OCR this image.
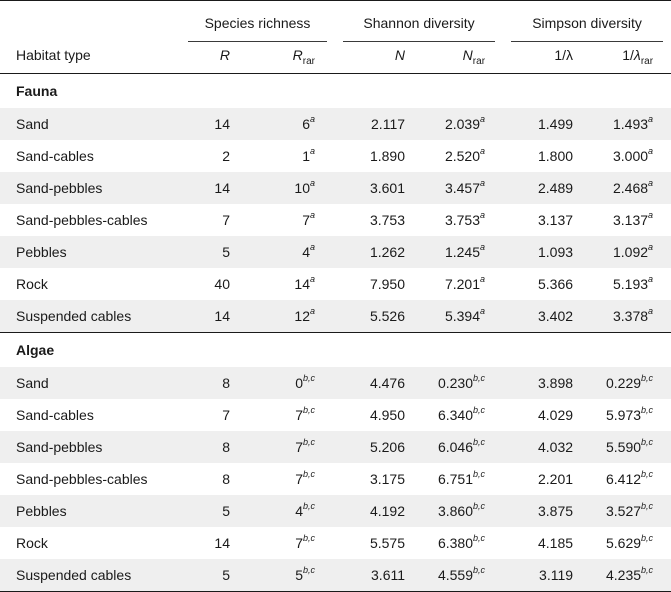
	Species richness		Shannon diversity		Simpson diversity	

Habitat type	R	$R_{rar}$	N	$N_{rar}$	1/λ	$1/\lambda_{rar}$
Fauna						
Sand	14	6$^a$	2.117	2.039$^a$	1.499	1.493$^a$
Sand-cables	2	1$^a$	1.890	2.520$^a$	1.800	3.000$^a$
Sand-pebbles	14	10$^a$	3.601	3.457$^a$	2.489	2.468$^a$
Sand-pebbles-cables	7	7$^a$	3.753	3.753$^a$	3.137	3.137$^a$
Pebbles	5	4$^a$	1.262	1.245$^a$	1.093	1.092$^a$
Rock	40	14$^a$	7.950	7.201$^a$	5.366	5.193$^a$
Suspended cables	14	12$^a$	5.526	5.394$^a$	3.402	3.378$^a$
Algae						
Sand	8	0$^{b,c}$	4.476	0.230$^{b,c}$	3.898	0.229$^{b,c}$
Sand-cables	7	7$^{b,c}$	4.950	6.340$^{b,c}$	4.029	5.973$^{b,c}$
Sand-pebbles	8	7$^{b,c}$	5.206	6.046$^{b,c}$	4.032	5.590$^{b,c}$
Sand-pebbles-cables	8	7$^{b,c}$	3.175	6.751$^{b,c}$	2.201	6.412$^{b,c}$
Pebbles	5	4$^{b,c}$	4.192	3.860$^{b,c}$	3.875	3.527$^{b,c}$
Rock	14	7$^{b,c}$	5.575	6.380$^{b,c}$	4.185	5.629$^{b,c}$
Suspended cables	5	5$^{b,c}$	3.611	4.559$^{b,c}$	3.119	4.235$^{b,c}$
